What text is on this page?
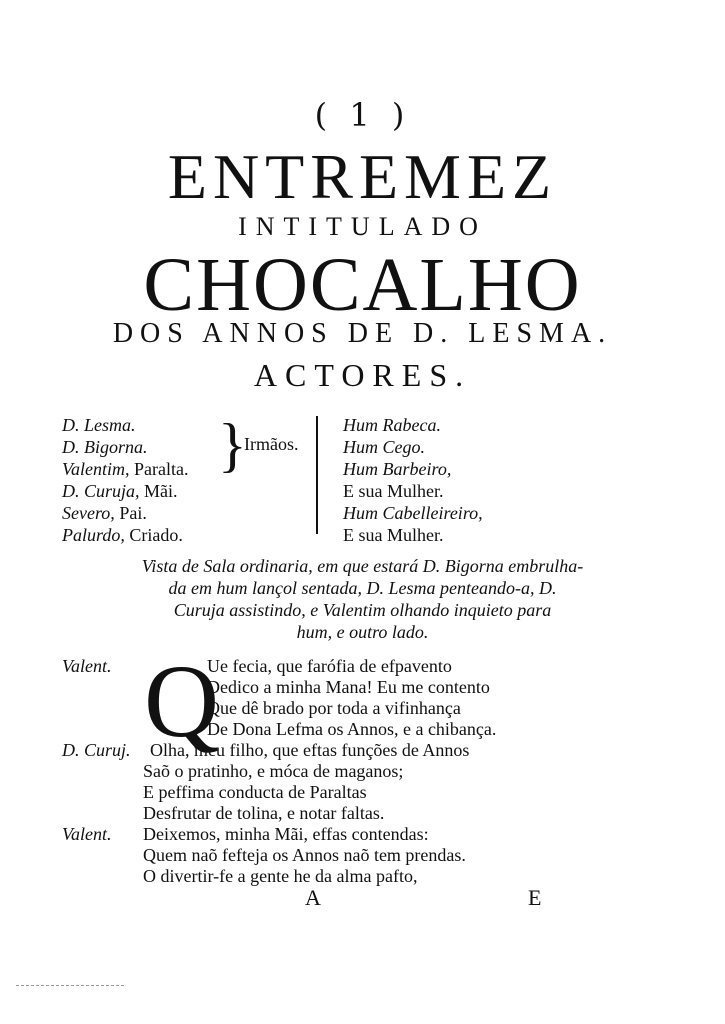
( 1 )
ENTREMEZ
INTITULADO
CHOCALHO
DOS ANNOS DE D. LESMA.
ACTORES.
D. Lesma.
D. Bigorna.
Valentim, Paralta.
D. Curuja, Mãi.
Severo, Pai.
Palurdo, Criado.
}
Irmãos.
Hum Rabeca.
Hum Cego.
Hum Barbeiro,
E sua Mulher.
Hum Cabelleireiro,
E sua Mulher.
Vista de Sala ordinaria, em que estará D. Bigorna embrulha-
da em hum lançol sentada, D. Lesma penteando-a, D.
Curuja assistindo, e Valentim olhando inquieto para
hum, e outro lado.
Valent. Q
Ue fecia, que farófia de efpavento
Dedico a minha Mana! Eu me contento
Que dê brado por toda a vifinhança
De Dona Lefma os Annos, e a chibança.
D. Curuj. Olha, meu filho, que eftas funções de Annos
Saõ o pratinho, e móca de maganos;
E peffima conducta de Paraltas
Desfrutar de tolina, e notar faltas.
Valent. Deixemos, minha Mãi, effas contendas:
Quem naõ fefteja os Annos naõ tem prendas.
O divertir-fe a gente he da alma pafto,
A	E
